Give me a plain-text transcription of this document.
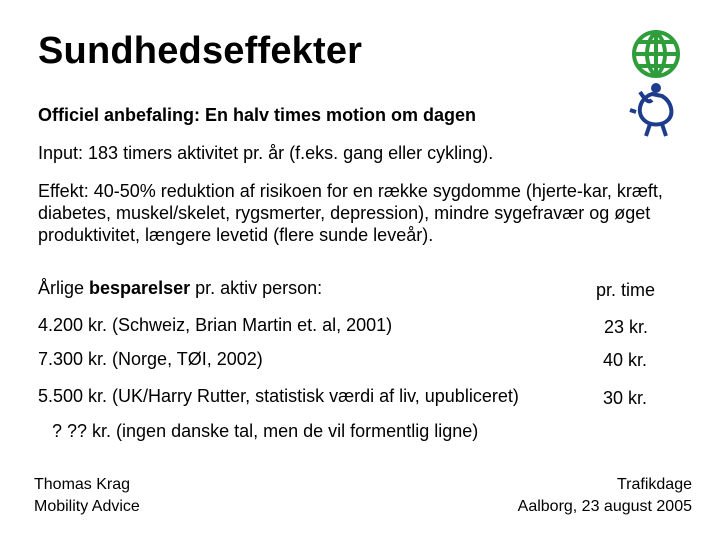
Sundhedseffekter
Officiel anbefaling: En halv times motion om dagen
Input: 183 timers aktivitet pr. år (f.eks. gang eller cykling).
Effekt: 40-50% reduktion af risikoen for en række sygdomme (hjerte-kar, kræft, diabetes, muskel/skelet, rygsmerter, depression), mindre sygefravær og øget produktivitet, længere levetid (flere sunde leveår).
Årlige besparelser pr. aktiv person:	pr. time
4.200 kr. (Schweiz, Brian Martin et. al, 2001)	23 kr.
7.300 kr. (Norge, TØI, 2002)	40 kr.
5.500 kr. (UK/Harry Rutter, statistisk værdi af liv, upubliceret)	30 kr.
? ?? kr. (ingen danske tal, men de vil formentlig ligne)
Thomas Krag
Mobility Advice
Trafikdage
Aalborg, 23 august 2005
